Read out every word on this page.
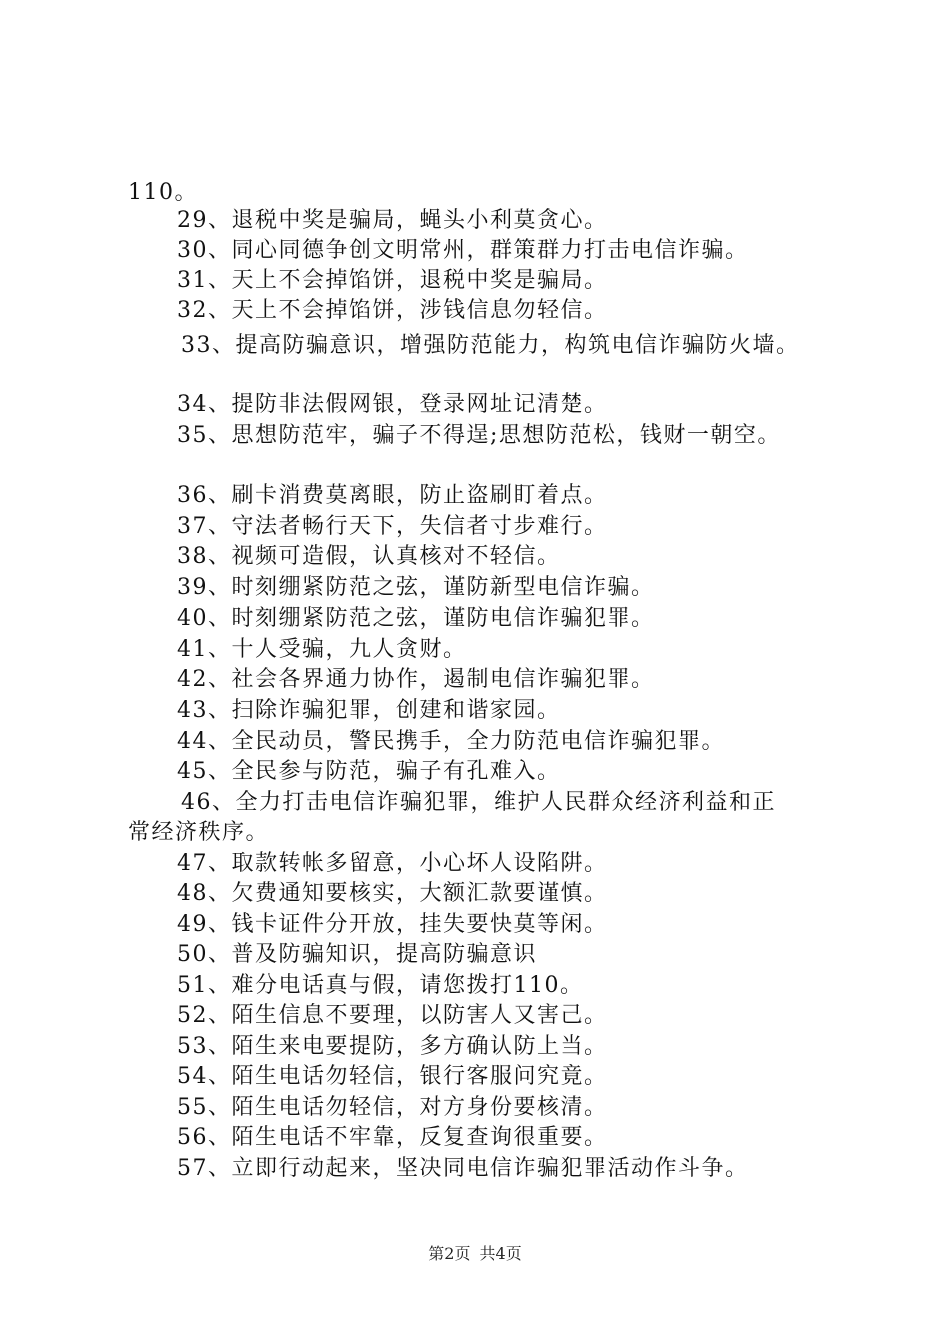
110。
29、退税中奖是骗局，蝇头小利莫贪心。
30、同心同德争创文明常州，群策群力打击电信诈骗。
31、天上不会掉馅饼，退税中奖是骗局。
32、天上不会掉馅饼，涉钱信息勿轻信。
33、提高防骗意识，增强防范能力，构筑电信诈骗防火墙。
34、提防非法假网银，登录网址记清楚。
35、思想防范牢，骗子不得逞;思想防范松，钱财一朝空。
36、刷卡消费莫离眼，防止盗刷盯着点。
37、守法者畅行天下，失信者寸步难行。
38、视频可造假，认真核对不轻信。
39、时刻绷紧防范之弦，谨防新型电信诈骗。
40、时刻绷紧防范之弦，谨防电信诈骗犯罪。
41、十人受骗，九人贪财。
42、社会各界通力协作，遏制电信诈骗犯罪。
43、扫除诈骗犯罪，创建和谐家园。
44、全民动员，警民携手，全力防范电信诈骗犯罪。
45、全民参与防范，骗子有孔难入。
46、全力打击电信诈骗犯罪，维护人民群众经济利益和正
常经济秩序。
47、取款转帐多留意，小心坏人设陷阱。
48、欠费通知要核实，大额汇款要谨慎。
49、钱卡证件分开放，挂失要快莫等闲。
50、普及防骗知识，提高防骗意识
51、难分电话真与假，请您拨打110。
52、陌生信息不要理，以防害人又害己。
53、陌生来电要提防，多方确认防上当。
54、陌生电话勿轻信，银行客服问究竟。
55、陌生电话勿轻信，对方身份要核清。
56、陌生电话不牢靠，反复查询很重要。
57、立即行动起来，坚决同电信诈骗犯罪活动作斗争。
第2页 共4页
